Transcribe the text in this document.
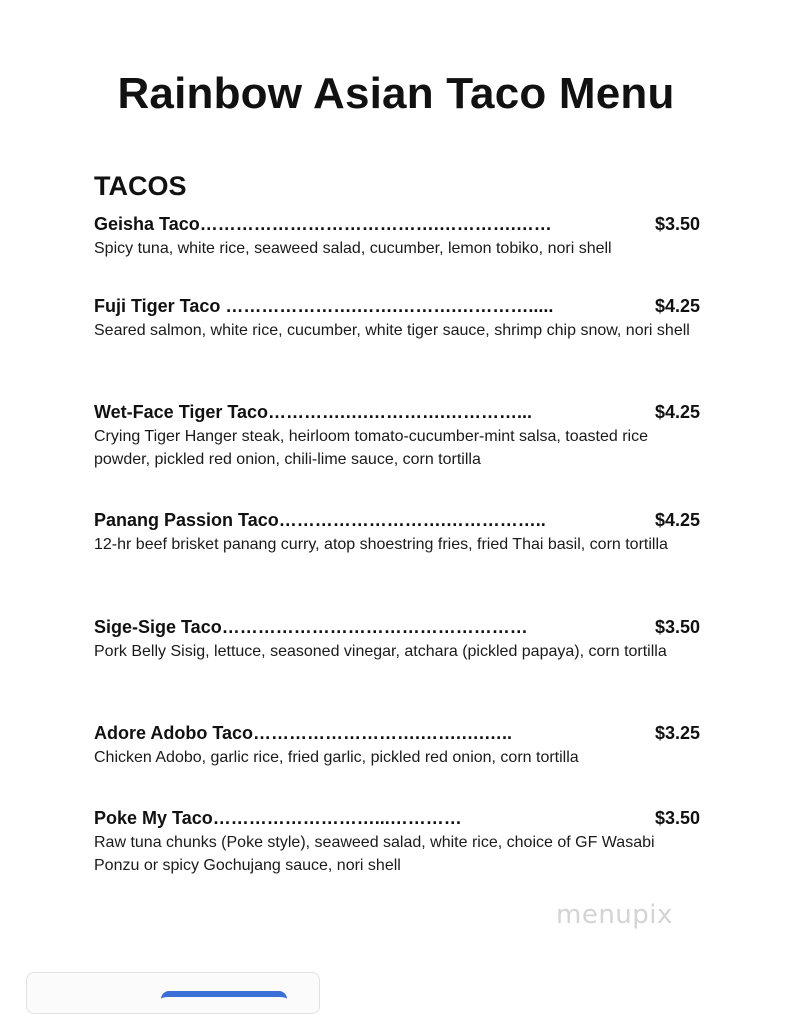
Rainbow Asian Taco Menu
TACOS
Geisha Taco………………………………….………….……	$3.50
Spicy tuna, white rice, seaweed salad, cucumber, lemon tobiko, nori shell
Fuji Tiger Taco ………………….…….……….………….....	$4.25
Seared salmon, white rice, cucumber, white tiger sauce, shrimp chip snow, nori shell
Wet-Face Tiger Taco………….….………….…………...	$4.25
Crying Tiger Hanger steak, heirloom tomato-cucumber-mint salsa, toasted rice powder, pickled red onion, chili-lime sauce, corn tortilla
Panang Passion Taco……………………….……………..	$4.25
12-hr beef brisket panang curry, atop shoestring fries, fried Thai basil, corn tortilla
Sige-Sige Taco……………………………………………	$3.50
Pork Belly Sisig, lettuce, seasoned vinegar, atchara (pickled papaya), corn tortilla
Adore Adobo Taco……………………….…….….…..	$3.25
Chicken Adobo, garlic rice, fried garlic, pickled red onion, corn tortilla
Poke My Taco………………………...…………	$3.50
Raw tuna chunks (Poke style), seaweed salad, white rice, choice of GF Wasabi Ponzu or spicy Gochujang sauce, nori shell
menupix
